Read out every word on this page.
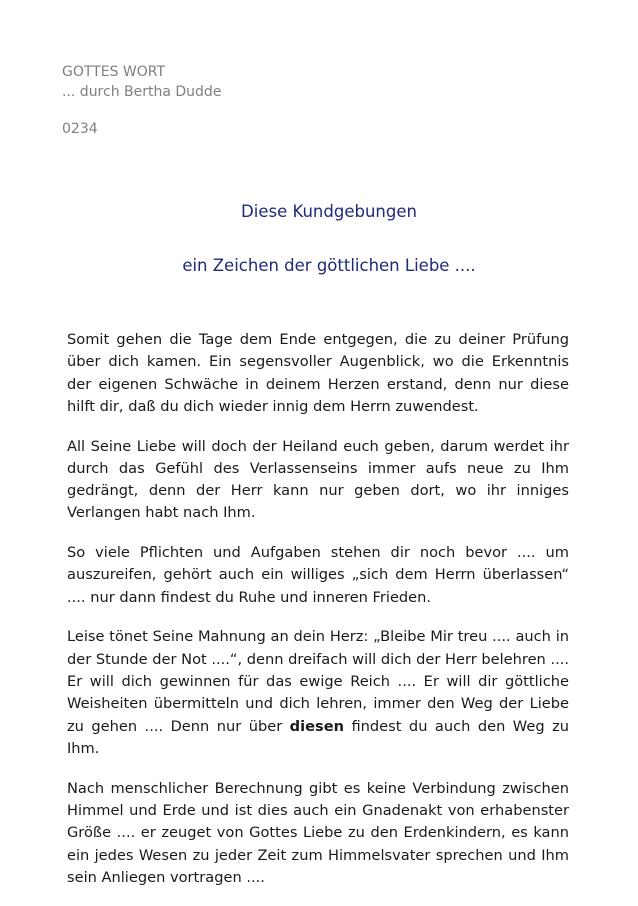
GOTTES WORT
... durch Bertha Dudde
0234
Diese Kundgebungen
ein Zeichen der göttlichen Liebe ....

Somit gehen die Tage dem Ende entgegen, die zu deiner Prüfung über dich kamen. Ein segensvoller Augenblick, wo die Erkenntnis der eigenen Schwäche in deinem Herzen erstand, denn nur diese hilft dir, daß du dich wieder innig dem Herrn zuwendest.

All Seine Liebe will doch der Heiland euch geben, darum werdet ihr durch das Gefühl des Verlassenseins immer aufs neue zu Ihm gedrängt, denn der Herr kann nur geben dort, wo ihr inniges Verlangen habt nach Ihm.

So viele Pflichten und Aufgaben stehen dir noch bevor .... um auszureifen, gehört auch ein williges „sich dem Herrn überlassen“ .... nur dann findest du Ruhe und inneren Frieden.

Leise tönet Seine Mahnung an dein Herz: „Bleibe Mir treu .... auch in der Stunde der Not ....“, denn dreifach will dich der Herr belehren .... Er will dich gewinnen für das ewige Reich .... Er will dir göttliche Weisheiten übermitteln und dich lehren, immer den Weg der Liebe zu gehen .... Denn nur über diesen findest du auch den Weg zu Ihm.

Nach menschlicher Berechnung gibt es keine Verbindung zwischen Himmel und Erde und ist dies auch ein Gnadenakt von erhabenster Größe .... er zeuget von Gottes Liebe zu den Erdenkindern, es kann ein jedes Wesen zu jeder Zeit zum Himmelsvater sprechen und Ihm sein Anliegen vortragen ....
